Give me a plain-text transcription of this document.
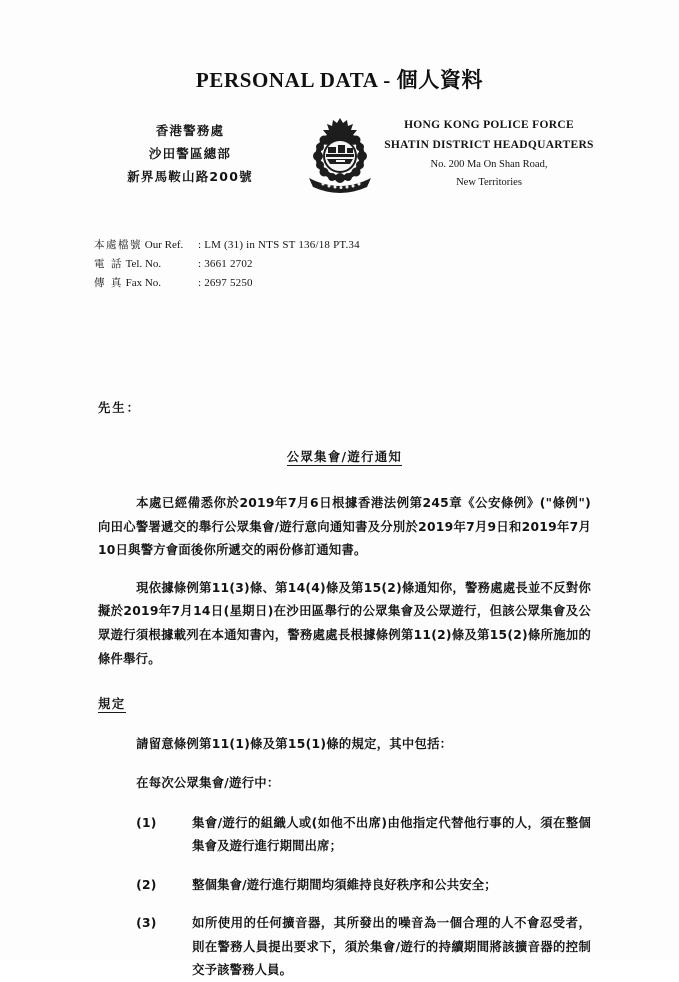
PERSONAL DATA - 個人資料
香港警務處
沙田警區總部
新界馬鞍山路200號
HONG KONG POLICE FORCE
SHATIN DISTRICT HEADQUARTERS
No. 200 Ma On Shan Road,
New Territories
本處檔號 Our Ref.	: LM (31) in NTS ST 136/18 PT.34
電 話 Tel. No.	: 3661 2702
傳 真 Fax No.	: 2697 5250
先生：
公眾集會/遊行通知

本處已經備悉你於2019年7月6日根據香港法例第245章《公安條例》("條例")向田心警署遞交的舉行公眾集會/遊行意向通知書及分別於2019年7月9日和2019年7月10日與警方會面後你所遞交的兩份修訂通知書。

現依據條例第11(3)條、第14(4)條及第15(2)條通知你，警務處處長並不反對你擬於2019年7月14日(星期日)在沙田區舉行的公眾集會及公眾遊行，但該公眾集會及公眾遊行須根據載列在本通知書內，警務處處長根據條例第11(2)條及第15(2)條所施加的條件舉行。

規定
請留意條例第11(1)條及第15(1)條的規定，其中包括：
在每次公眾集會/遊行中：
(1)	集會/遊行的組織人或(如他不出席)由他指定代替他行事的人，須在整個集會及遊行進行期間出席；
(2)	整個集會/遊行進行期間均須維持良好秩序和公共安全；
(3)	如所使用的任何擴音器，其所發出的噪音為一個合理的人不會忍受者，則在警務人員提出要求下，須於集會/遊行的持續期間將該擴音器的控制交予該警務人員。
